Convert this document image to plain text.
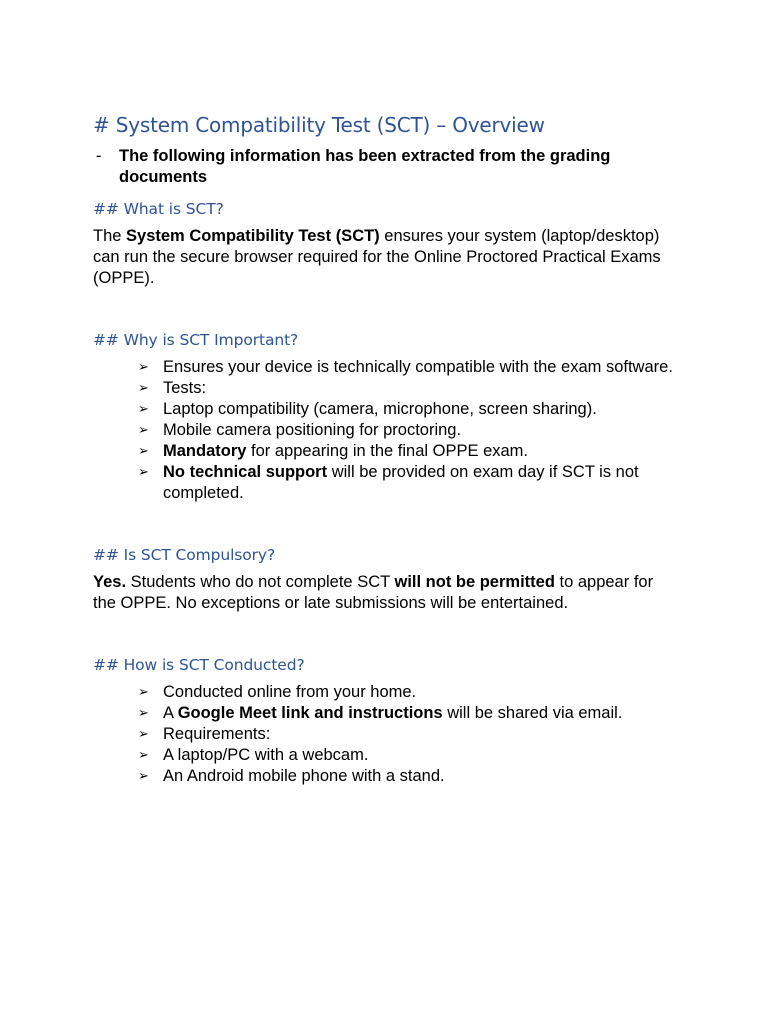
# System Compatibility Test (SCT) – Overview
- The following information has been extracted from the grading documents
## What is SCT?

The System Compatibility Test (SCT) ensures your system (laptop/desktop) can run the secure browser required for the Online Proctored Practical Exams (OPPE).

## Why is SCT Important?
➢ Ensures your device is technically compatible with the exam software.
➢ Tests:
➢ Laptop compatibility (camera, microphone, screen sharing).
➢ Mobile camera positioning for proctoring.
➢ Mandatory for appearing in the final OPPE exam.
➢ No technical support will be provided on exam day if SCT is not completed.
## Is SCT Compulsory?

Yes. Students who do not complete SCT will not be permitted to appear for the OPPE. No exceptions or late submissions will be entertained.

## How is SCT Conducted?
➢ Conducted online from your home.
➢ A Google Meet link and instructions will be shared via email.
➢ Requirements:
➢ A laptop/PC with a webcam.
➢ An Android mobile phone with a stand.
